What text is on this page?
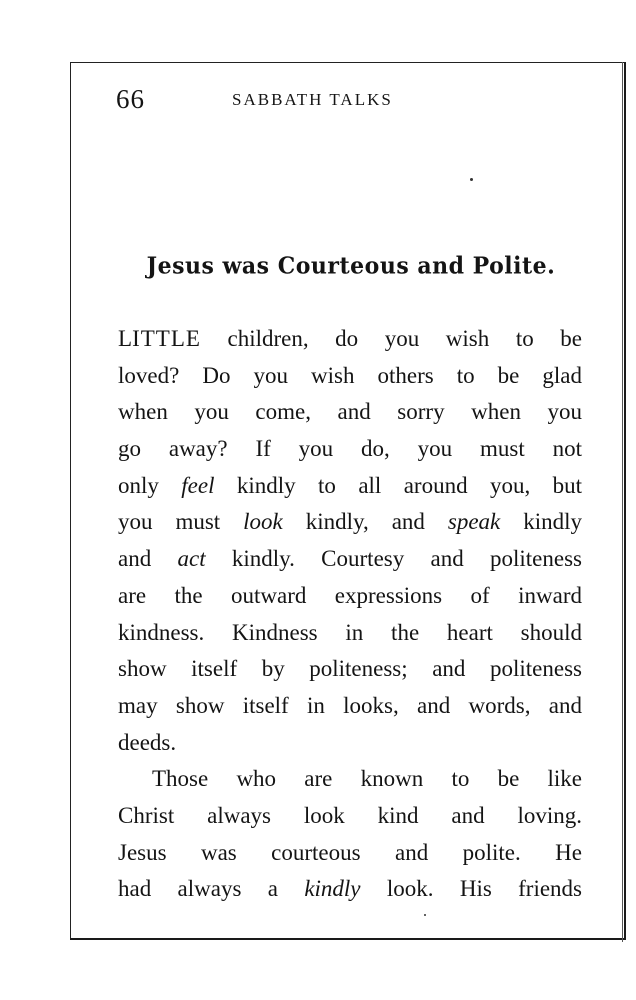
66	SABBATH TALKS
Jesus was Courteous and Polite.
LITTLE children, do you wish to be
loved? Do you wish others to be glad
when you come, and sorry when you
go away? If you do, you must not
only feel kindly to all around you, but
you must look kindly, and speak kindly
and act kindly. Courtesy and politeness
are the outward expressions of inward
kindness. Kindness in the heart should
show itself by politeness; and politeness
may show itself in looks, and words, and
deeds.
Those who are known to be like
Christ always look kind and loving.
Jesus was courteous and polite. He
had always a kindly look. His friends
